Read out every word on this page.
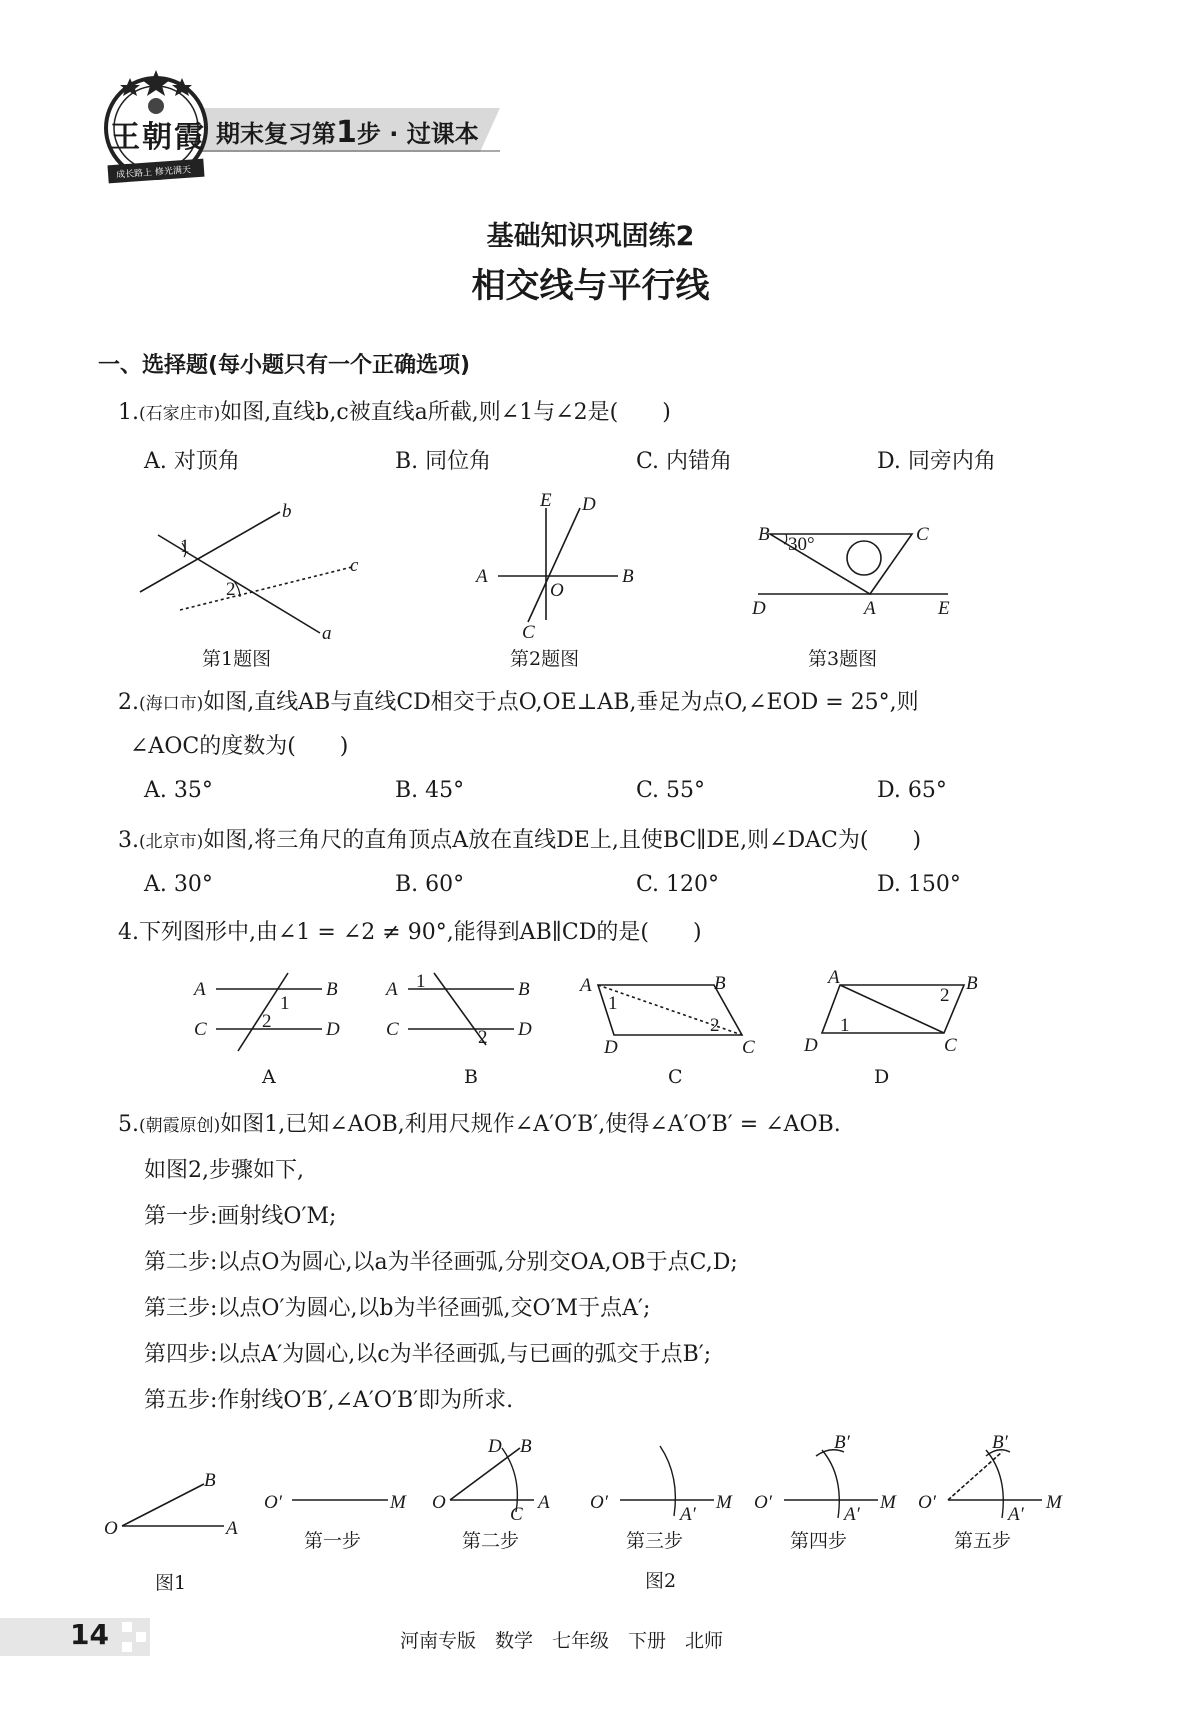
期末复习第1步 · 过课本
王朝霞
成长路上 修光满天
基础知识巩固练2
相交线与平行线
一、选择题(每小题只有一个正确选项)
1.(石家庄市)如图,直线b,c被直线a所截,则∠1与∠2是(　　)
A. 对顶角	B. 同位角	C. 内错角	D. 同旁内角
b
c
a
1
2
E D
A	B
O
C
B	C
30°
D	A	E
第1题图	第2题图	第3题图
2.(海口市)如图,直线AB与直线CD相交于点O,OE⊥AB,垂足为点O,∠EOD = 25°,则
∠AOC的度数为(　　)
A. 35°	B. 45°	C. 55°	D. 65°
3.(北京市)如图,将三角尺的直角顶点A放在直线DE上,且使BC∥DE,则∠DAC为(　　)
A. 30°	B. 60°	C. 120°	D. 150°
4.下列图形中,由∠1 = ∠2 ≠ 90°,能得到AB∥CD的是(　　)
A	B
C	D
1
2
A
A	B
C	D
1
2
B
A	B
D	C
1
2
C
A	B
D	C
1
2
D
5.(朝霞原创)如图1,已知∠AOB,利用尺规作∠A′O′B′,使得∠A′O′B′ = ∠AOB.
如图2,步骤如下,
第一步:画射线O′M;
第二步:以点O为圆心,以a为半径画弧,分别交OA,OB于点C,D;
第三步:以点O′为圆心,以b为半径画弧,交O′M于点A′;
第四步:以点A′为圆心,以c为半径画弧,与已画的弧交于点B′;
第五步:作射线O′B′,∠A′O′B′即为所求.
B
O	A
图1
O′	M
第一步
D B
O	A
C
第二步
O′	M
A′
第三步
图2
B′
O′	M
A′
第四步
B′
O′	M
A′
第五步
14	河南专版　数学　七年级　下册　北师
